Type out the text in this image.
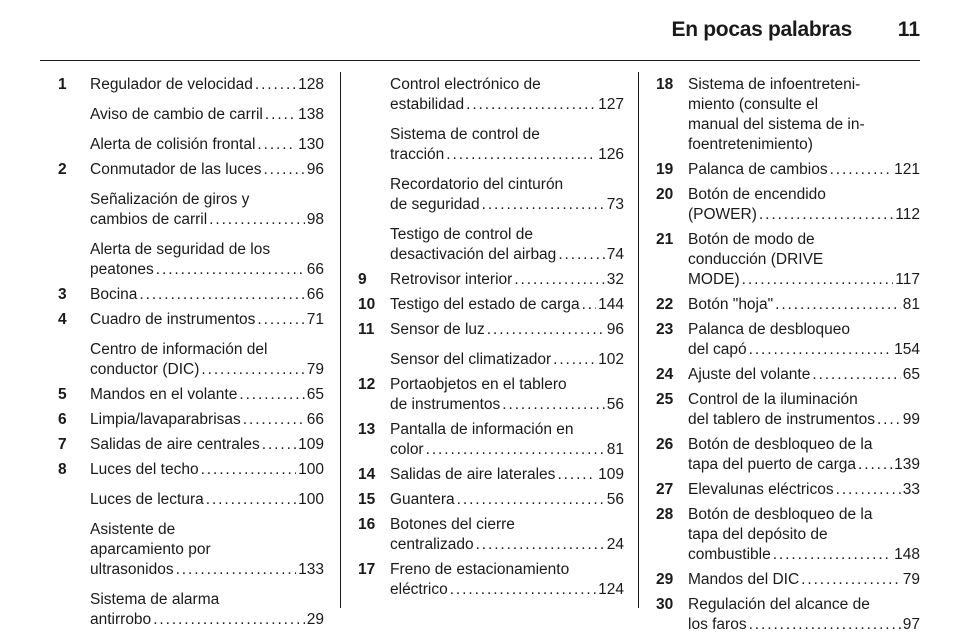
En pocas palabras 11
1	Regulador de velocidad . . .	128
Aviso de cambio de carril . . . 138
Alerta de colisión frontal . . .	130
2	Conmutador de las luces . . .	96
Señalización de giros y
cambios de carril . . .	98
Alerta de seguridad de los
peatones . . .	66
3	Bocina . . .	66
4	Cuadro de instrumentos . . .	71
Centro de información del
conductor (DIC) . . .	79
5	Mandos en el volante . . .	65
6	Limpia/lavaparabrisas . . .	66
7	Salidas de aire centrales . . . 109
8	Luces del techo . . .	100
Luces de lectura . . .	100
Asistente de
aparcamiento por
ultrasonidos . . .	133
Sistema de alarma
antirrobo . . .	29
Control electrónico de
estabilidad . . .	127
Sistema de control de
tracción . . .	126
Recordatorio del cinturón
de seguridad . . .	73
Testigo de control de
desactivación del airbag . . .	74
9	Retrovisor interior . . .	32
10 Testigo del estado de carga . . . 144
11	Sensor de luz . . .	96
Sensor del climatizador . . .	102
12 Portaobjetos en el tablero
de instrumentos . . .	56
13 Pantalla de información en
color . . .	81
14 Salidas de aire laterales . . .	109
15 Guantera . . .	56
16 Botones del cierre
centralizado . . .	24
17 Freno de estacionamiento
eléctrico . . .	124
18 Sistema de infoentreteni-
miento (consulte el
manual del sistema de in-
foentretenimiento)
19 Palanca de cambios . . .	121
20 Botón de encendido
(POWER) . . .	112
21 Botón de modo de
conducción (DRIVE
MODE) . . .	117
22 Botón "hoja" . . .	81
23 Palanca de desbloqueo
del capó . . .	154
24 Ajuste del volante . . .	65
25 Control de la iluminación
del tablero de instrumentos . . . 99
26 Botón de desbloqueo de la
tapa del puerto de carga . . . 139
27 Elevalunas eléctricos . . .	33
28 Botón de desbloqueo de la
tapa del depósito de
combustible . . .	148
29 Mandos del DIC . . .	79
30 Regulación del alcance de
los faros . . .	97
